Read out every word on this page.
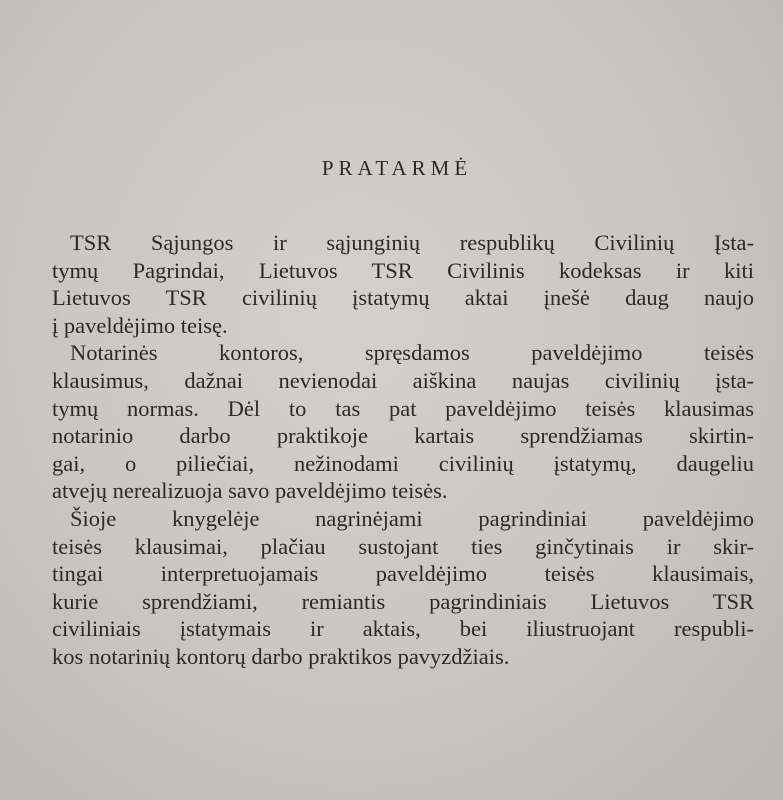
PRATARMĖ
TSR Sąjungos ir sąjunginių respublikų Civilinių Įsta-
tymų Pagrindai, Lietuvos TSR Civilinis kodeksas ir kiti
Lietuvos TSR civilinių įstatymų aktai įnešė daug naujo
į paveldėjimo teisę.
Notarinės kontoros, spręsdamos paveldėjimo teisės
klausimus, dažnai nevienodai aiškina naujas civilinių įsta-
tymų normas. Dėl to tas pat paveldėjimo teisės klausimas
notarinio darbo praktikoje kartais sprendžiamas skirtin-
gai, o piliečiai, nežinodami civilinių įstatymų, daugeliu
atvejų nerealizuoja savo paveldėjimo teisės.
Šioje knygelėje nagrinėjami pagrindiniai paveldėjimo
teisės klausimai, plačiau sustojant ties ginčytinais ir skir-
tingai interpretuojamais paveldėjimo teisės klausimais,
kurie sprendžiami, remiantis pagrindiniais Lietuvos TSR
civiliniais įstatymais ir aktais, bei iliustruojant respubli-
kos notarinių kontorų darbo praktikos pavyzdžiais.
